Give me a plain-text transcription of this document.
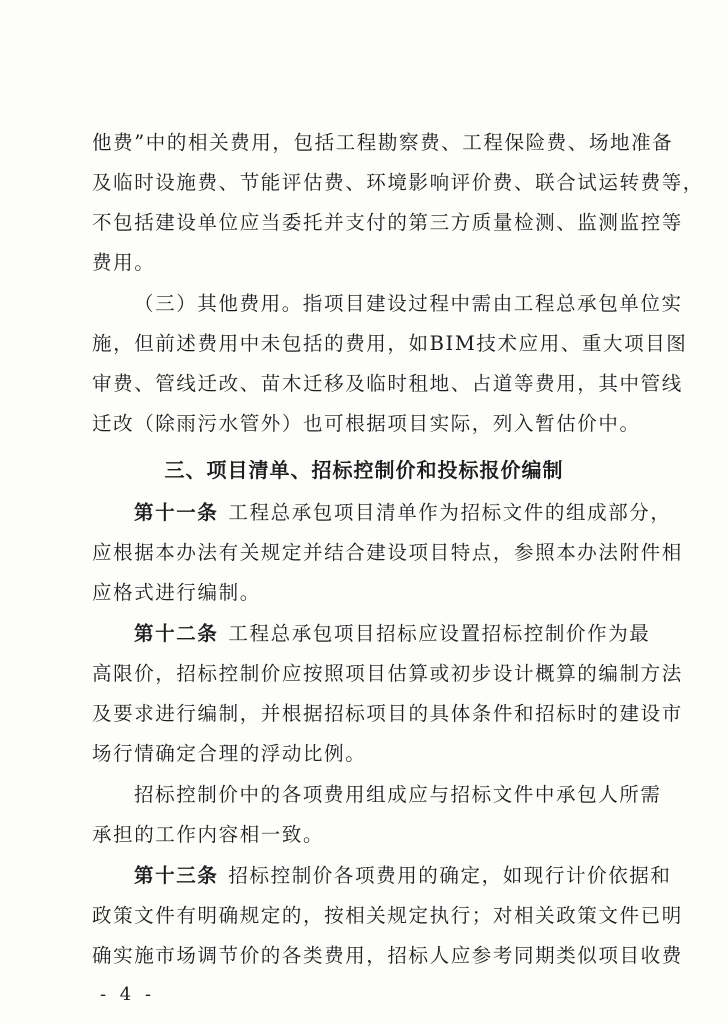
他费”中的相关费用，包括工程勘察费、工程保险费、场地准备
及临时设施费、节能评估费、环境影响评价费、联合试运转费等，
不包括建设单位应当委托并支付的第三方质量检测、监测监控等
费用。
（三）其他费用。指项目建设过程中需由工程总承包单位实
施，但前述费用中未包括的费用，如BIM技术应用、重大项目图
审费、管线迁改、苗木迁移及临时租地、占道等费用，其中管线
迁改（除雨污水管外）也可根据项目实际，列入暂估价中。
三、项目清单、招标控制价和投标报价编制
第十一条 工程总承包项目清单作为招标文件的组成部分，
应根据本办法有关规定并结合建设项目特点，参照本办法附件相
应格式进行编制。
第十二条 工程总承包项目招标应设置招标控制价作为最
高限价，招标控制价应按照项目估算或初步设计概算的编制方法
及要求进行编制，并根据招标项目的具体条件和招标时的建设市
场行情确定合理的浮动比例。
招标控制价中的各项费用组成应与招标文件中承包人所需
承担的工作内容相一致。
第十三条 招标控制价各项费用的确定，如现行计价依据和
政策文件有明确规定的，按相关规定执行；对相关政策文件已明
确实施市场调节价的各类费用，招标人应参考同期类似项目收费
- 4 -
